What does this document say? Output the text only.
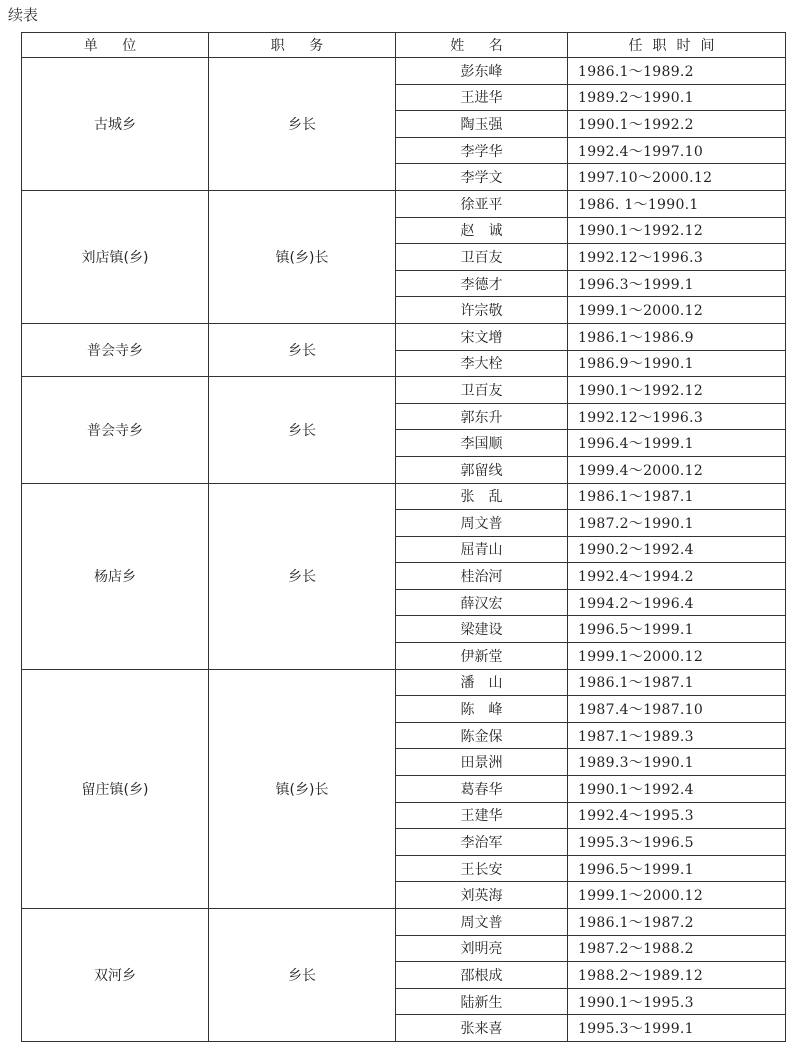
续表
单 位	职 务	姓 名	任职时间
古城乡	乡长	彭东峰	1986.1～1989.2
		王进华	1989.2～1990.1
		陶玉强	1990.1～1992.2
		李学华	1992.4～1997.10
		李学文	1997.10～2000.12
刘店镇(乡)	镇(乡)长	徐亚平	1986. 1～1990.1
		赵　诚	1990.1～1992.12
		卫百友	1992.12～1996.3
		李德才	1996.3～1999.1
		许宗敬	1999.1～2000.12
普会寺乡	乡长	宋文增	1986.1～1986.9
		李大栓	1986.9～1990.1
普会寺乡	乡长	卫百友	1990.1～1992.12
		郭东升	1992.12～1996.3
		李国顺	1996.4～1999.1
		郭留线	1999.4～2000.12
杨店乡	乡长	张　乱	1986.1～1987.1
		周文普	1987.2～1990.1
		屈青山	1990.2～1992.4
		桂治河	1992.4～1994.2
		薛汉宏	1994.2～1996.4
		梁建设	1996.5～1999.1
		伊新堂	1999.1～2000.12
留庄镇(乡)	镇(乡)长	潘　山	1986.1～1987.1
		陈　峰	1987.4～1987.10
		陈金保	1987.1～1989.3
		田景洲	1989.3～1990.1
		葛春华	1990.1～1992.4
		王建华	1992.4～1995.3
		李治军	1995.3～1996.5
		王长安	1996.5～1999.1
		刘英海	1999.1～2000.12
双河乡	乡长	周文普	1986.1～1987.2
		刘明亮	1987.2～1988.2
		邵根成	1988.2～1989.12
		陆新生	1990.1～1995.3
		张来喜	1995.3～1999.1
